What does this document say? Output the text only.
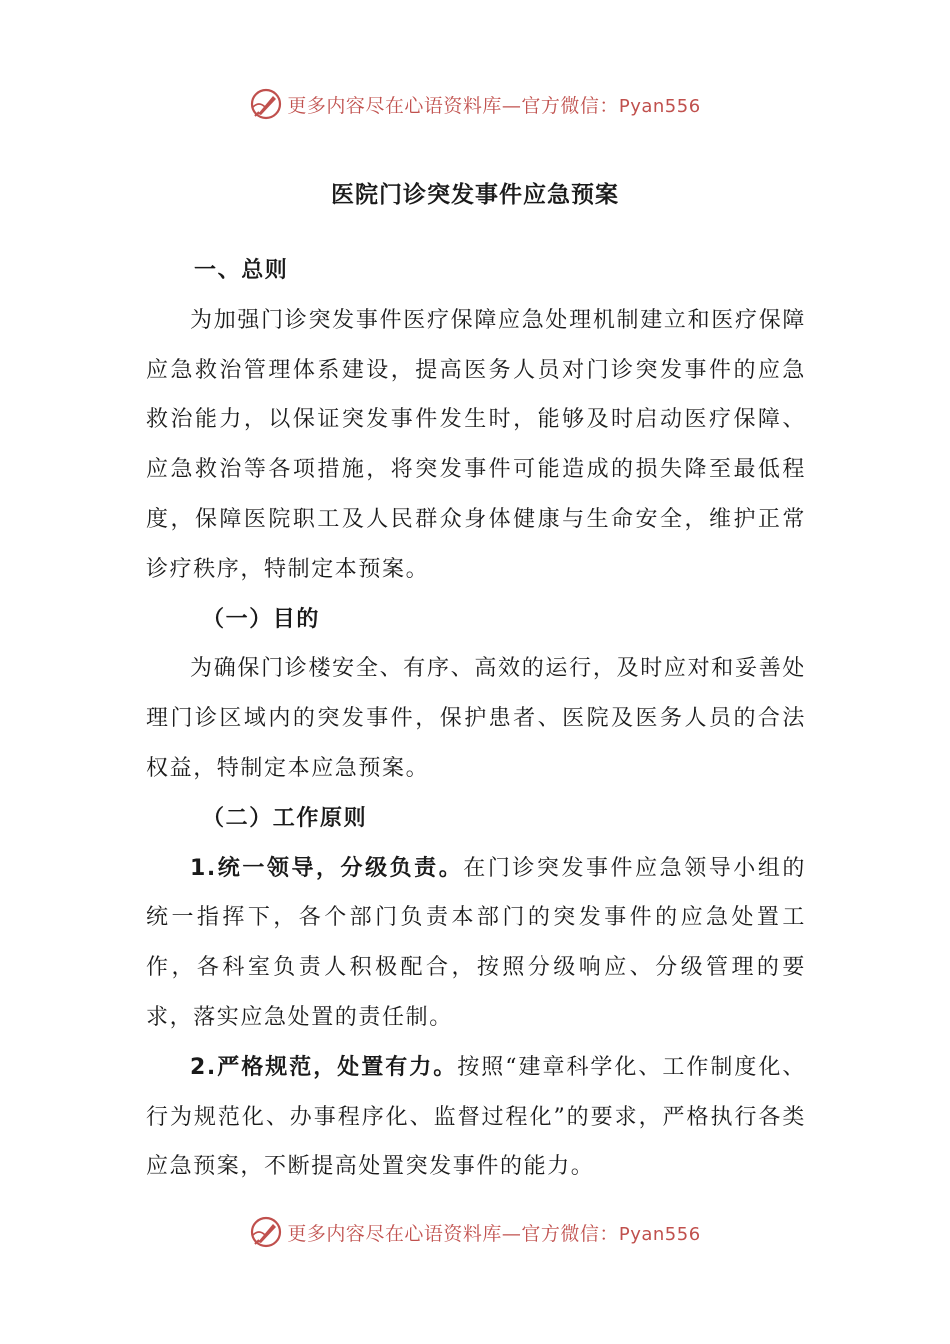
更多内容尽在心语资料库—官方微信：Pyan556
医院门诊突发事件应急预案

一、总则

为加强门诊突发事件医疗保障应急处理机制建立和医疗保障应急救治管理体系建设，提高医务人员对门诊突发事件的应急救治能力，以保证突发事件发生时，能够及时启动医疗保障、应急救治等各项措施，将突发事件可能造成的损失降至最低程度，保障医院职工及人民群众身体健康与生命安全，维护正常诊疗秩序，特制定本预案。

（一）目的

为确保门诊楼安全、有序、高效的运行，及时应对和妥善处理门诊区域内的突发事件，保护患者、医院及医务人员的合法权益，特制定本应急预案。

（二）工作原则

1.统一领导，分级负责。在门诊突发事件应急领导小组的统一指挥下，各个部门负责本部门的突发事件的应急处置工作，各科室负责人积极配合，按照分级响应、分级管理的要求，落实应急处置的责任制。

2.严格规范，处置有力。按照“建章科学化、工作制度化、行为规范化、办事程序化、监督过程化”的要求，严格执行各类应急预案，不断提高处置突发事件的能力。

更多内容尽在心语资料库—官方微信：Pyan556
